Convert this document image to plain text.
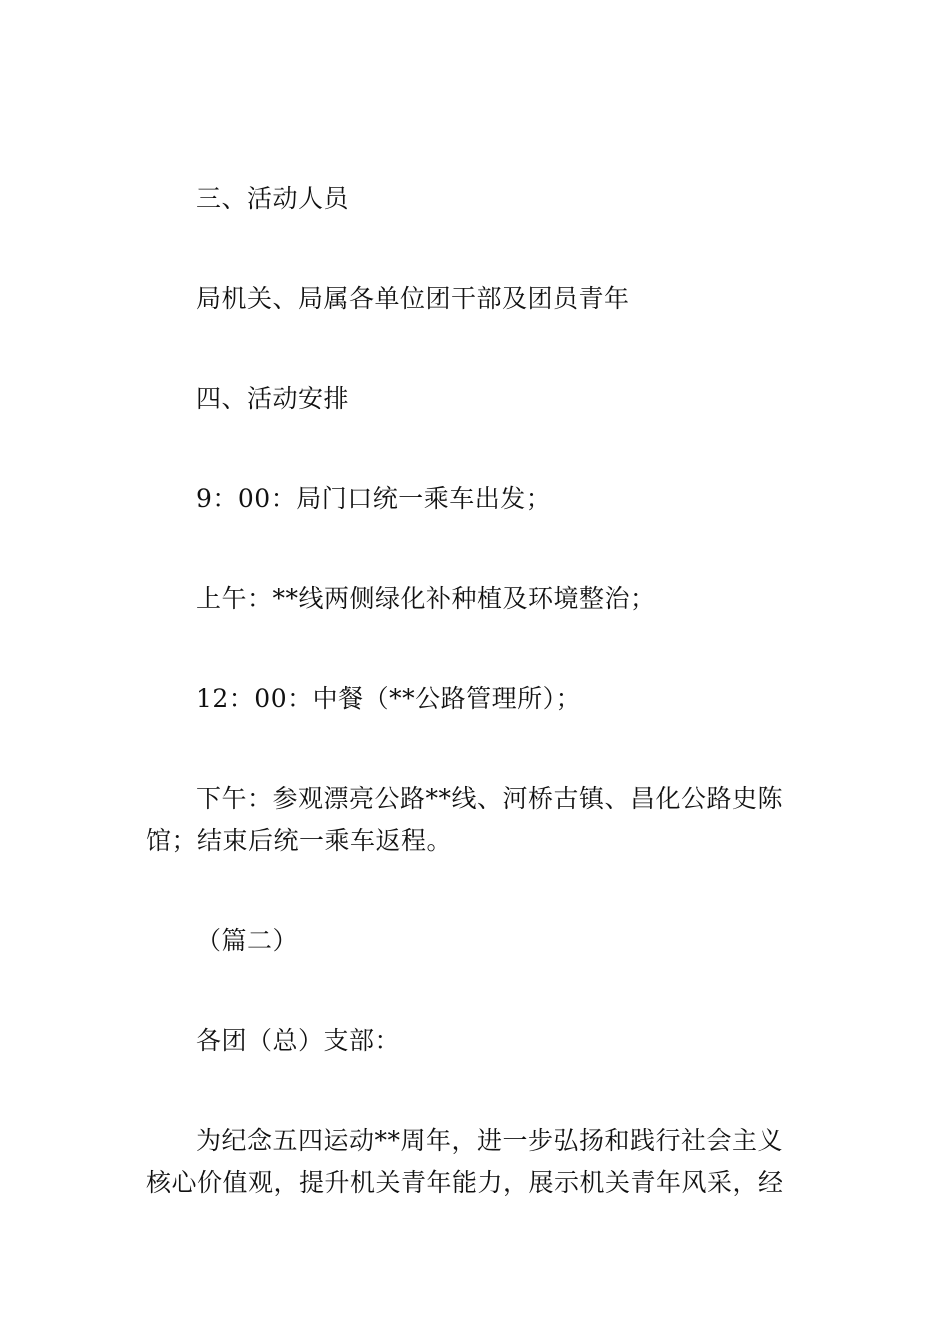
三、活动人员

局机关、局属各单位团干部及团员青年

四、活动安排

9：00：局门口统一乘车出发；

上午：**线两侧绿化补种植及环境整治；

12：00：中餐（**公路管理所）；

下午：参观漂亮公路**线、河桥古镇、昌化公路史陈馆；结束后统一乘车返程。

（篇二）

各团（总）支部：

为纪念五四运动**周年，进一步弘扬和践行社会主义核心价值观，提升机关青年能力，展示机关青年风采，经
